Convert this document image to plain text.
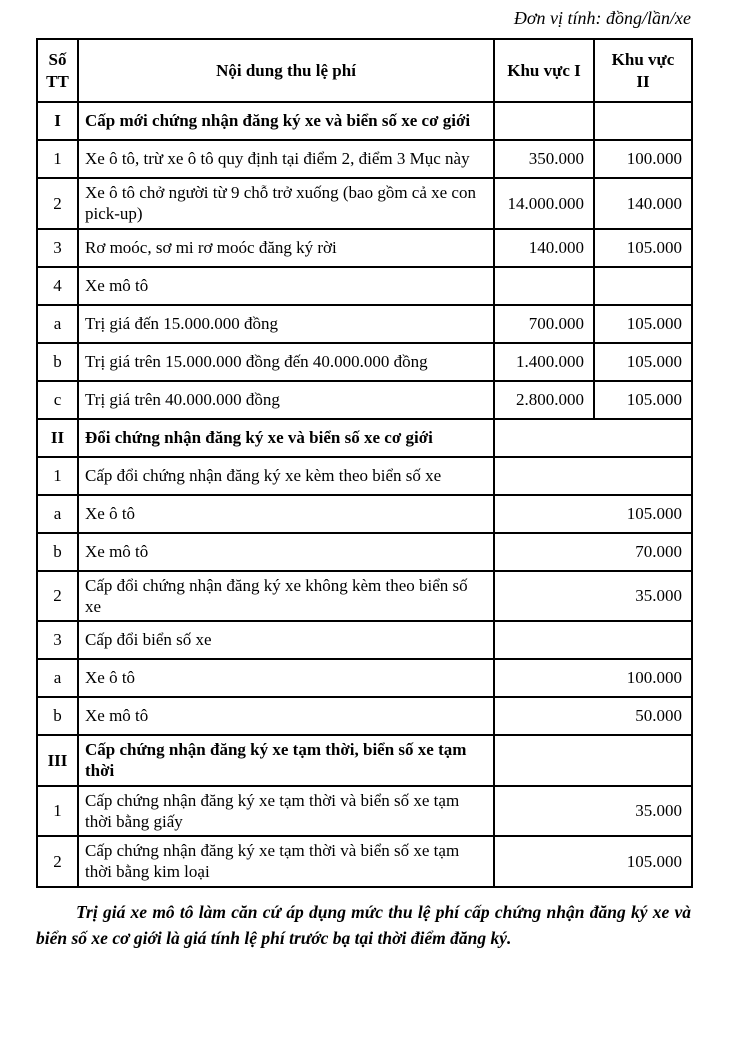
Đơn vị tính: đồng/lần/xe
Số TT	Nội dung thu lệ phí	Khu vực I	Khu vực II
I	Cấp mới chứng nhận đăng ký xe và biển số xe cơ giới		
1	Xe ô tô, trừ xe ô tô quy định tại điểm 2, điểm 3 Mục này	350.000	100.000
2	Xe ô tô chở người từ 9 chỗ trở xuống (bao gồm cả xe con pick-up)	14.000.000	140.000
3	Rơ moóc, sơ mi rơ moóc đăng ký rời	140.000	105.000
4	Xe mô tô		
a	Trị giá đến 15.000.000 đồng	700.000	105.000
b	Trị giá trên 15.000.000 đồng đến 40.000.000 đồng	1.400.000	105.000
c	Trị giá trên 40.000.000 đồng	2.800.000	105.000
II	Đổi chứng nhận đăng ký xe và biển số xe cơ giới		
1	Cấp đổi chứng nhận đăng ký xe kèm theo biển số xe		
a	Xe ô tô	105.000	
b	Xe mô tô	70.000	
2	Cấp đổi chứng nhận đăng ký xe không kèm theo biển số xe	35.000	
3	Cấp đổi biển số xe		
a	Xe ô tô	100.000	
b	Xe mô tô	50.000	
III	Cấp chứng nhận đăng ký xe tạm thời, biển số xe tạm thời		
1	Cấp chứng nhận đăng ký xe tạm thời và biển số xe tạm thời bằng giấy	35.000	
2	Cấp chứng nhận đăng ký xe tạm thời và biển số xe tạm thời bằng kim loại	105.000	

Trị giá xe mô tô làm căn cứ áp dụng mức thu lệ phí cấp chứng nhận đăng ký xe và biển số xe cơ giới là giá tính lệ phí trước bạ tại thời điểm đăng ký.
